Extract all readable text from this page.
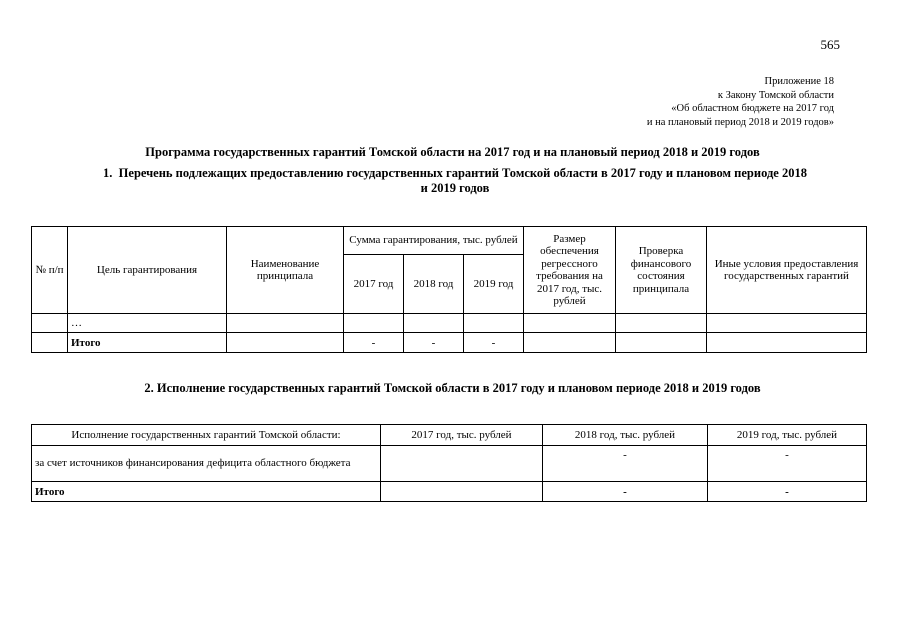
565
Приложение 18
к Закону Томской области
«Об областном бюджете на 2017 год
и на плановый период 2018 и 2019 годов»
Программа государственных гарантий Томской области на 2017 год и на плановый период 2018 и 2019 годов
1.  Перечень подлежащих предоставлению государственных гарантий Томской области в 2017 году и плановом периоде 2018 и 2019 годов
№ п/п	Цель гарантирования	Наименование принципала	Сумма гарантирования, тыс. рублей			Размер обеспечения регрессного требования на 2017 год, тыс. рублей	Проверка финансового состояния принципала	Иные условия предоставления государственных гарантий
			2017 год	2018 год	2019 год			
	…							
	Итого		-	-	-			
2. Исполнение государственных гарантий Томской области в 2017 году и плановом периоде 2018 и 2019 годов
Исполнение государственных гарантий Томской области:	2017 год, тыс. рублей	2018 год, тыс. рублей	2019 год, тыс. рублей
за счет источников финансирования дефицита областного бюджета		-	-
Итого		-	-
